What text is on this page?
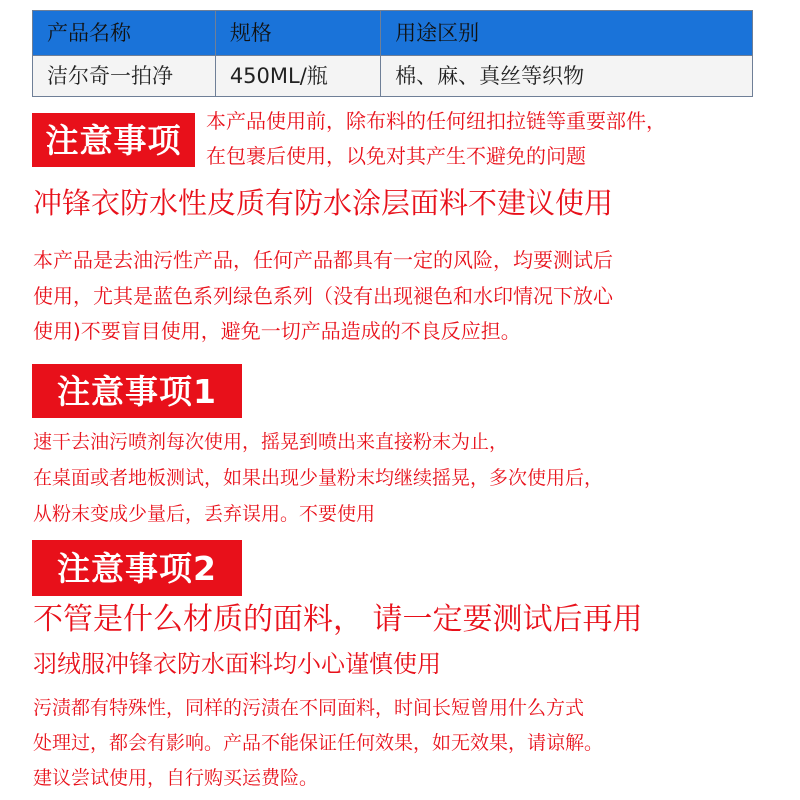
产品名称	规格	用途区别
洁尔奇一拍净	450ML/瓶	棉、麻、真丝等织物
注意事项	本产品使用前，除布料的任何纽扣拉链等重要部件，
在包裹后使用，以免对其产生不避免的问题
冲锋衣防水性皮质有防水涂层面料不建议使用
本产品是去油污性产品，任何产品都具有一定的风险，均要测试后
使用，尤其是蓝色系列绿色系列（没有出现褪色和水印情况下放心
使用)不要盲目使用，避免一切产品造成的不良反应担。
注意事项1
速干去油污喷剂每次使用，摇晃到喷出来直接粉末为止，
在桌面或者地板测试，如果出现少量粉末均继续摇晃，多次使用后，
从粉末变成少量后，丢弃误用。不要使用
注意事项2
不管是什么材质的面料， 请一定要测试后再用
羽绒服冲锋衣防水面料均小心谨慎使用
污渍都有特殊性，同样的污渍在不同面料，时间长短曾用什么方式
处理过，都会有影响。产品不能保证任何效果，如无效果，请谅解。
建议尝试使用，自行购买运费险。
